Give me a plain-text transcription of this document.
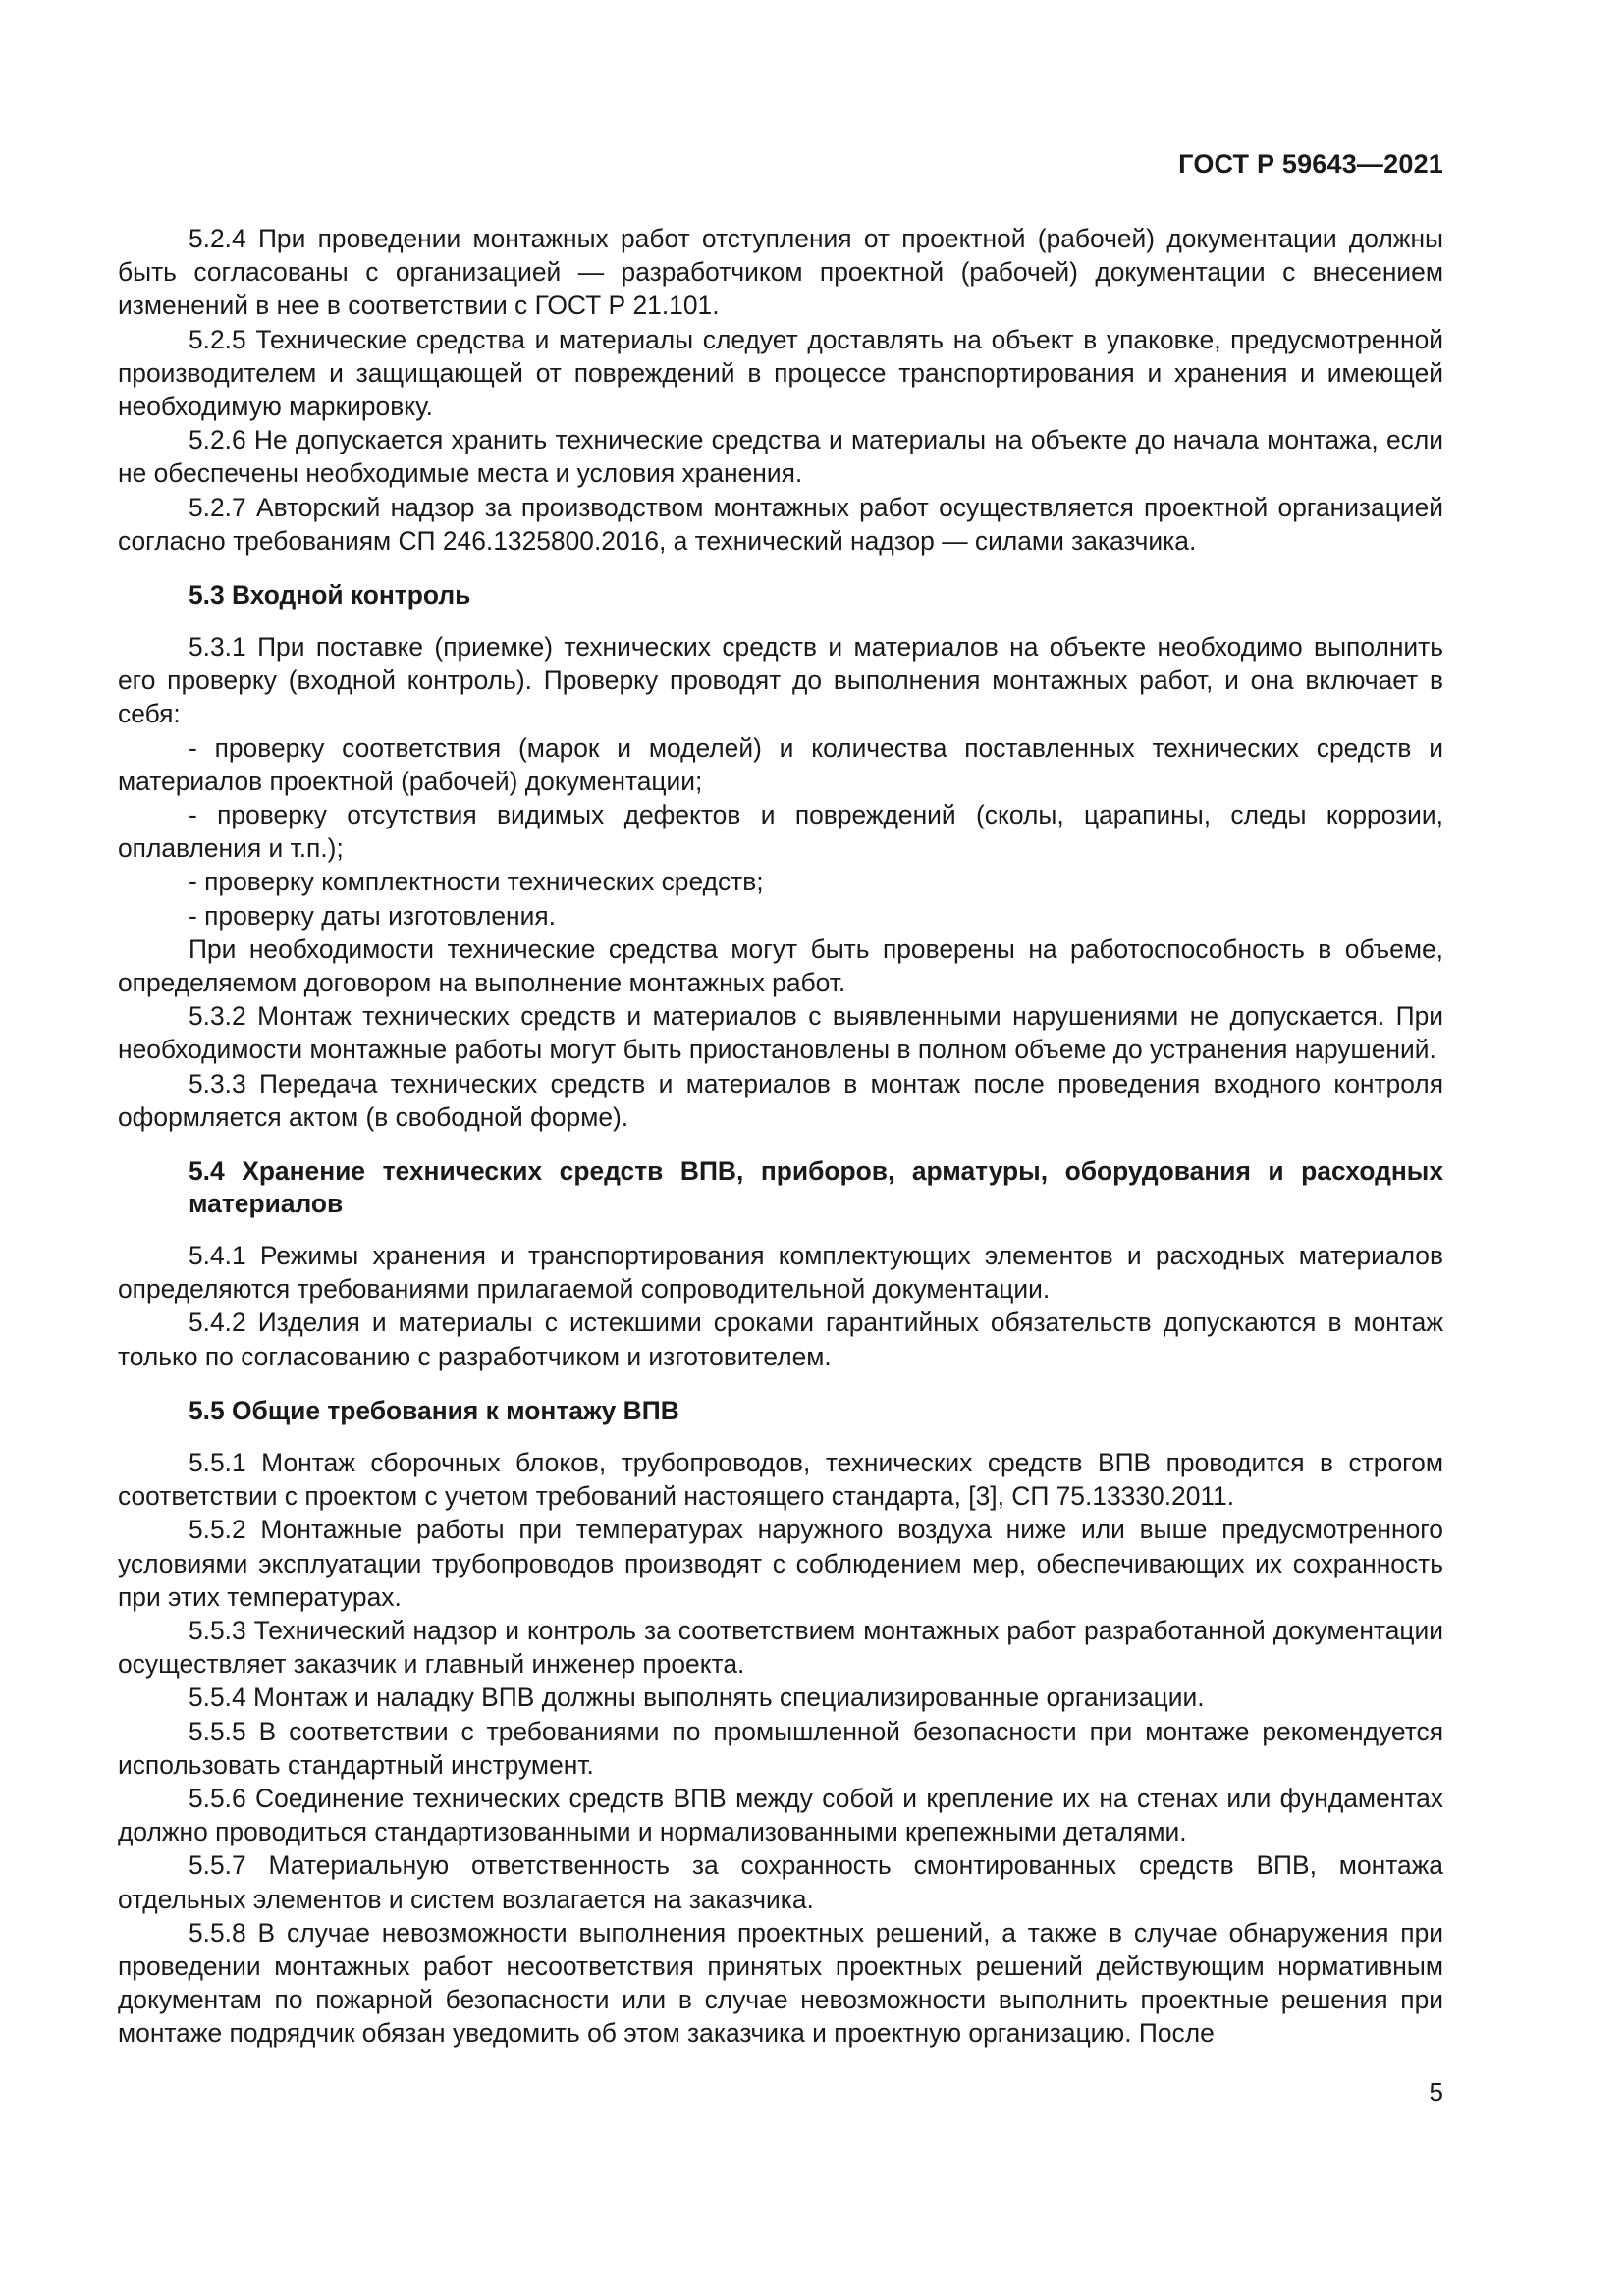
ГОСТ Р 59643—2021

5.2.4 При проведении монтажных работ отступления от проектной (рабочей) документации должны быть согласованы с организацией — разработчиком проектной (рабочей) документации с внесением изменений в нее в соответствии с ГОСТ Р 21.101.

5.2.5 Технические средства и материалы следует доставлять на объект в упаковке, предусмотренной производителем и защищающей от повреждений в процессе транспортирования и хранения и имеющей необходимую маркировку.

5.2.6 Не допускается хранить технические средства и материалы на объекте до начала монтажа, если не обеспечены необходимые места и условия хранения.

5.2.7 Авторский надзор за производством монтажных работ осуществляется проектной организацией согласно требованиям СП 246.1325800.2016, а технический надзор — силами заказчика.

5.3 Входной контроль

5.3.1 При поставке (приемке) технических средств и материалов на объекте необходимо выполнить его проверку (входной контроль). Проверку проводят до выполнения монтажных работ, и она включает в себя:

- проверку соответствия (марок и моделей) и количества поставленных технических средств и материалов проектной (рабочей) документации;

- проверку отсутствия видимых дефектов и повреждений (сколы, царапины, следы коррозии, оплавления и т.п.);

- проверку комплектности технических средств;

- проверку даты изготовления.

При необходимости технические средства могут быть проверены на работоспособность в объеме, определяемом договором на выполнение монтажных работ.

5.3.2 Монтаж технических средств и материалов с выявленными нарушениями не допускается. При необходимости монтажные работы могут быть приостановлены в полном объеме до устранения нарушений.

5.3.3 Передача технических средств и материалов в монтаж после проведения входного контроля оформляется актом (в свободной форме).

5.4 Хранение технических средств ВПВ, приборов, арматуры, оборудования и расходных материалов

5.4.1 Режимы хранения и транспортирования комплектующих элементов и расходных материалов определяются требованиями прилагаемой сопроводительной документации.

5.4.2 Изделия и материалы с истекшими сроками гарантийных обязательств допускаются в монтаж только по согласованию с разработчиком и изготовителем.

5.5 Общие требования к монтажу ВПВ

5.5.1 Монтаж сборочных блоков, трубопроводов, технических средств ВПВ проводится в строгом соответствии с проектом с учетом требований настоящего стандарта, [3], СП 75.13330.2011.

5.5.2 Монтажные работы при температурах наружного воздуха ниже или выше предусмотренного условиями эксплуатации трубопроводов производят с соблюдением мер, обеспечивающих их сохранность при этих температурах.

5.5.3 Технический надзор и контроль за соответствием монтажных работ разработанной документации осуществляет заказчик и главный инженер проекта.

5.5.4 Монтаж и наладку ВПВ должны выполнять специализированные организации.

5.5.5 В соответствии с требованиями по промышленной безопасности при монтаже рекомендуется использовать стандартный инструмент.

5.5.6 Соединение технических средств ВПВ между собой и крепление их на стенах или фундаментах должно проводиться стандартизованными и нормализованными крепежными деталями.

5.5.7 Материальную ответственность за сохранность смонтированных средств ВПВ, монтажа отдельных элементов и систем возлагается на заказчика.

5.5.8 В случае невозможности выполнения проектных решений, а также в случае обнаружения при проведении монтажных работ несоответствия принятых проектных решений действующим нормативным документам по пожарной безопасности или в случае невозможности выполнить проектные решения при монтаже подрядчик обязан уведомить об этом заказчика и проектную организацию. После

5
